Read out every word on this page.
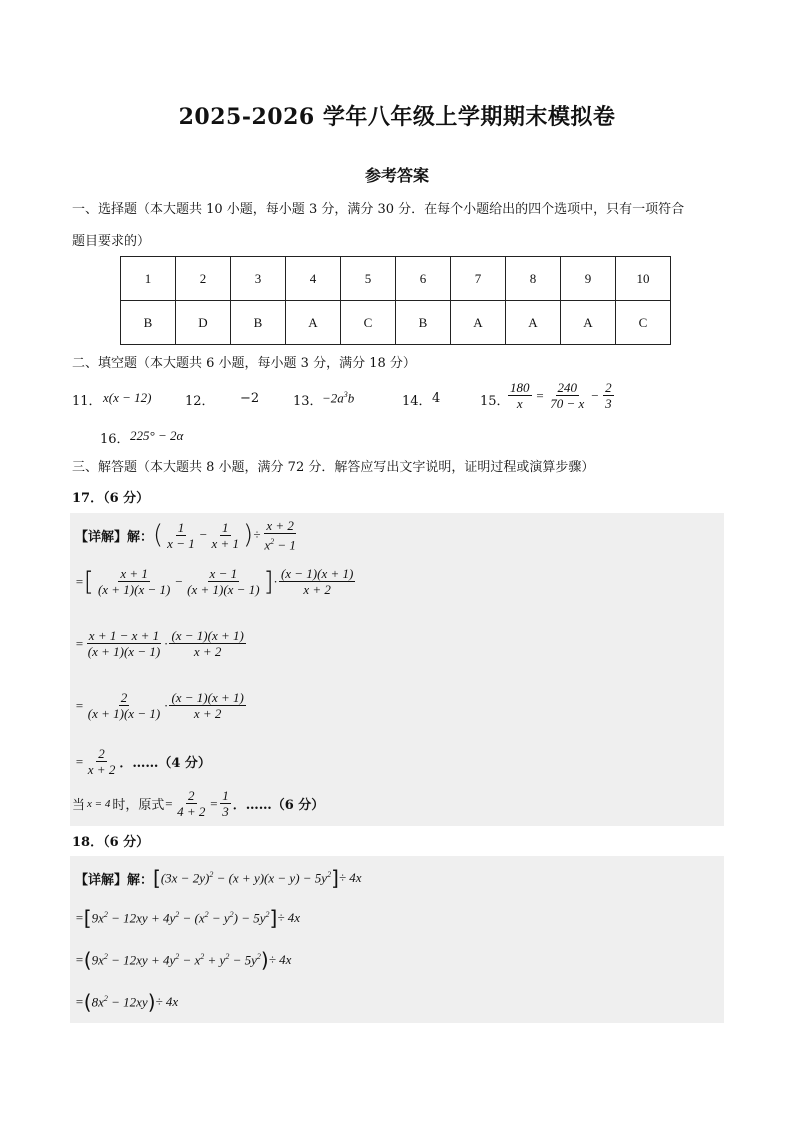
2025-2026 学年八年级上学期期末模拟卷
参考答案
一、选择题（本大题共 10 小题，每小题 3 分，满分 30 分．在每个小题给出的四个选项中，只有一项符合
题目要求的）
1	2	3	4	5	6	7	8	9	10
B	D	B	A	C	B	A	A	A	C
二、填空题（本大题共 6 小题，每小题 3 分，满分 18 分）
11． x(x − 12)	12． −2	13． $-2a^3b$	14． 4	15．
$\frac{180}{x} = \frac{240}{70 - x} - \frac{2}{3}$
16． 225° − 2α
三、解答题（本大题共 8 小题，满分 72 分．解答应写出文字说明，证明过程或演算步骤）
17．（6 分）
【详解】解： ( $\frac{1}{x - 1} - \frac{1}{x + 1}$ ) ÷ $\frac{x + 2}{x^2 - 1}$
= [ $\frac{x + 1}{(x + 1)(x - 1)} - \frac{x - 1}{(x + 1)(x - 1)}$ ] · $\frac{(x - 1)(x + 1)}{x + 2}$
= $\frac{x + 1 - x + 1}{(x + 1)(x - 1)} \cdot \frac{(x - 1)(x + 1)}{x + 2}$
= $\frac{2}{(x + 1)(x - 1)} \cdot \frac{(x - 1)(x + 1)}{x + 2}$
= $\frac{2}{x + 2}$ ．……（4 分）
当 x = 4 时，原式 = $\frac{2}{4 + 2} = \frac{1}{3}$ ．……（6 分）
18．（6 分）
【详解】解： [ $(3x - 2y)^2 - (x + y)(x - y) - 5y^2$ ] ÷ 4x
= [ $9x^2 - 12xy + 4y^2 - (x^2 - y^2) - 5y^2$ ] ÷ 4x
= ( $9x^2 - 12xy + 4y^2 - x^2 + y^2 - 5y^2$ ) ÷ 4x
= ( $8x^2 - 12xy$ ) ÷ 4x
